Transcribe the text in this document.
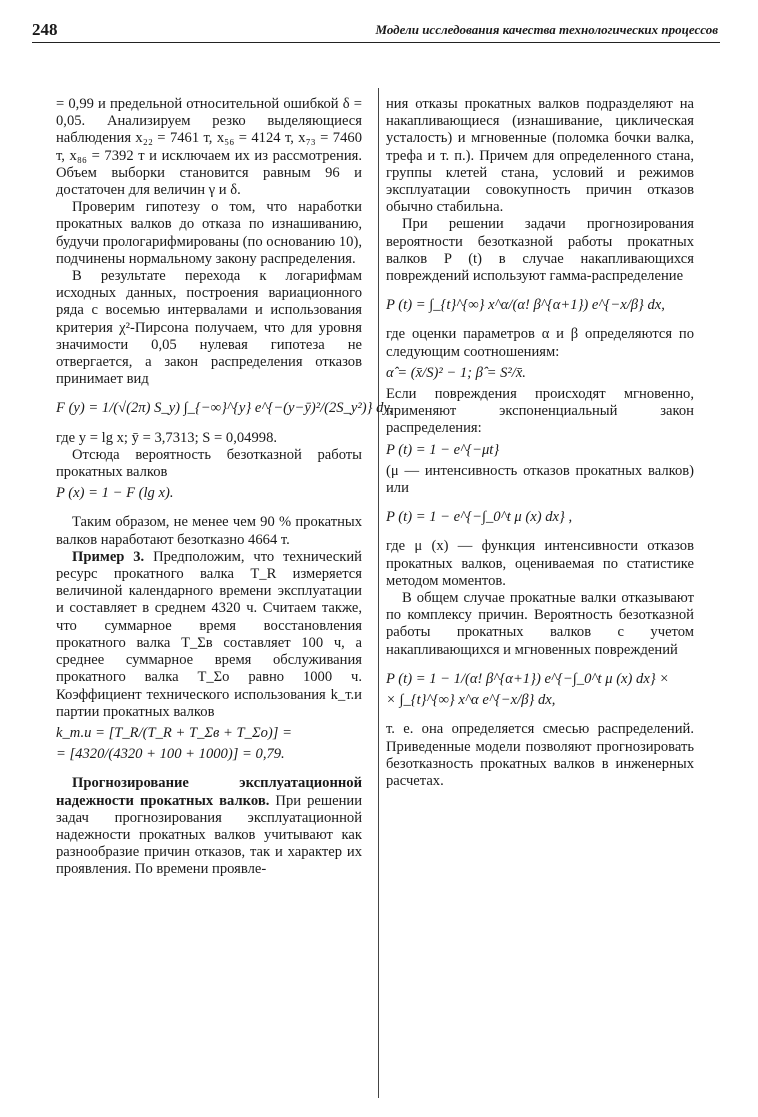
248	Модели исследования качества технологических процессов

= 0,99 и предельной относительной ошибкой δ = 0,05. Анализируем резко выделяющиеся наблюдения x₂₂ = 7461 т, x₅₆ = 4124 т, x₇₃ = 7460 т, x₈₆ = 7392 т и исключаем их из рассмотрения. Объем выборки становится равным 96 и достаточен для величин γ и δ.

Проверим гипотезу о том, что наработки прокатных валков до отказа по изнашиванию, будучи прологарифмированы (по основанию 10), подчинены нормальному закону распределения.

В результате перехода к логарифмам исходных данных, построения вариационного ряда с восемью интервалами и использования критерия χ²-Пирсона получаем, что для уровня значимости 0,05 нулевая гипотеза не отвергается, а закон распределения отказов принимает вид

F (y) = 1/(√(2π) S_y) ∫_{−∞}^{y} e^{−(y−ȳ)²/(2S_y²)} dy,

где y = lg x; ȳ = 3,7313; S = 0,04998.

Отсюда вероятность безотказной работы прокатных валков

P (x) = 1 − F (lg x).

Таким образом, не менее чем 90 % прокатных валков наработают безотказно 4664 т.

Пример 3. Предположим, что технический ресурс прокатного валка T_R измеряется величиной календарного времени эксплуатации и составляет в среднем 4320 ч. Считаем также, что суммарное время восстановления прокатного валка T_Σв составляет 100 ч, а среднее суммарное время обслуживания прокатного валка T_Σо равно 1000 ч. Коэффициент технического использования k_т.и партии прокатных валков

k_т.и = [T_R/(T_R + T_Σв + T_Σо)] =
= [4320/(4320 + 100 + 1000)] = 0,79.

Прогнозирование эксплуатационной надежности прокатных валков. При решении задач прогнозирования эксплуатационной надежности прокатных валков учитывают как разнообразие причин отказов, так и характер их проявления. По времени проявле-

ния отказы прокатных валков подразделяют на накапливающиеся (изнашивание, циклическая усталость) и мгновенные (поломка бочки валка, трефа и т. п.). Причем для определенного стана, группы клетей стана, условий и режимов эксплуатации совокупность причин отказов обычно стабильна.

При решении задачи прогнозирования вероятности безотказной работы прокатных валков P (t) в случае накапливающихся повреждений используют гамма-распределение

P (t) = ∫_{t}^{∞} x^α/(α! β^{α+1}) e^{−x/β} dx,

где оценки параметров α и β определяются по следующим соотношениям:

α̂ = (x̄/S)² − 1; β̂ = S²/x̄.

Если повреждения происходят мгновенно, применяют экспоненциальный закон распределения:

P (t) = 1 − e^{−μt}

(μ — интенсивность отказов прокатных валков) или

P (t) = 1 − e^{−∫_0^t μ (x) dx} ,

где μ (x) — функция интенсивности отказов прокатных валков, оцениваемая по статистике методом моментов.

В общем случае прокатные валки отказывают по комплексу причин. Вероятность безотказной работы прокатных валков с учетом накапливающихся и мгновенных повреждений

P (t) = 1 − 1/(α! β^{α+1}) e^{−∫_0^t μ (x) dx} ×
× ∫_{t}^{∞} x^α e^{−x/β} dx,

т. е. она определяется смесью распределений. Приведенные модели позволяют прогнозировать безотказность прокатных валков в инженерных расчетах.
